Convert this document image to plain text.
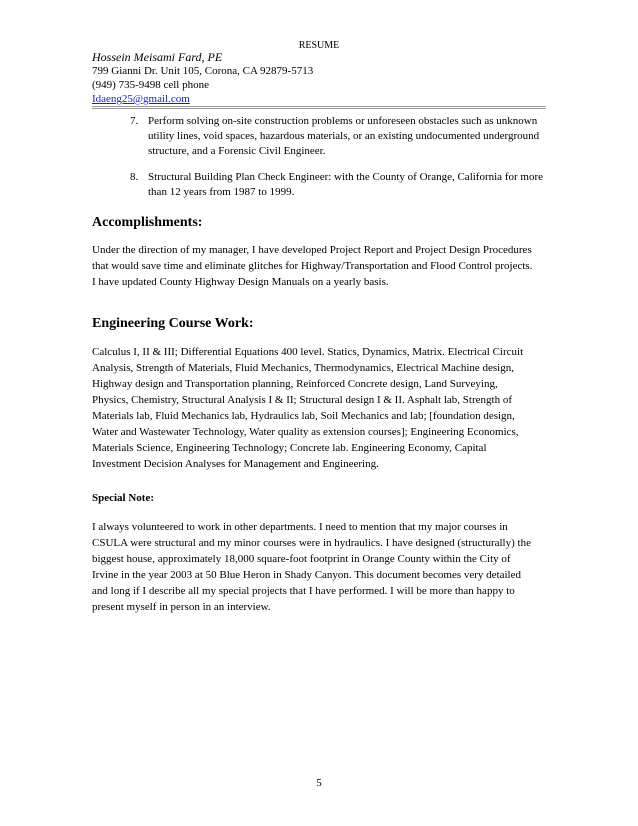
RESUME
Hossein Meisami Fard, PE
799 Gianni Dr. Unit 105, Corona, CA 92879-5713
(949) 735-9498 cell phone
Idaeng25@gmail.com
7. Perform solving on-site construction problems or unforeseen obstacles such as unknown utility lines, void spaces, hazardous materials, or an existing undocumented underground structure, and a Forensic Civil Engineer.
8. Structural Building Plan Check Engineer: with the County of Orange, California for more than 12 years from 1987 to 1999.
Accomplishments:

Under the direction of my manager, I have developed Project Report and Project Design Procedures that would save time and eliminate glitches for Highway/Transportation and Flood Control projects. I have updated County Highway Design Manuals on a yearly basis.

Engineering Course Work:

Calculus I, II & III; Differential Equations 400 level. Statics, Dynamics, Matrix. Electrical Circuit Analysis, Strength of Materials, Fluid Mechanics, Thermodynamics, Electrical Machine design, Highway design and Transportation planning, Reinforced Concrete design, Land Surveying, Physics, Chemistry, Structural Analysis I & II; Structural design I & II. Asphalt lab, Strength of Materials lab, Fluid Mechanics lab, Hydraulics lab, Soil Mechanics and lab; [foundation design, Water and Wastewater Technology, Water quality as extension courses]; Engineering Economics, Materials Science, Engineering Technology; Concrete lab. Engineering Economy, Capital Investment Decision Analyses for Management and Engineering.

Special Note:

I always volunteered to work in other departments. I need to mention that my major courses in CSULA were structural and my minor courses were in hydraulics. I have designed (structurally) the biggest house, approximately 18,000 square-foot footprint in Orange County within the City of Irvine in the year 2003 at 50 Blue Heron in Shady Canyon. This document becomes very detailed and long if I describe all my special projects that I have performed. I will be more than happy to present myself in person in an interview.

5
